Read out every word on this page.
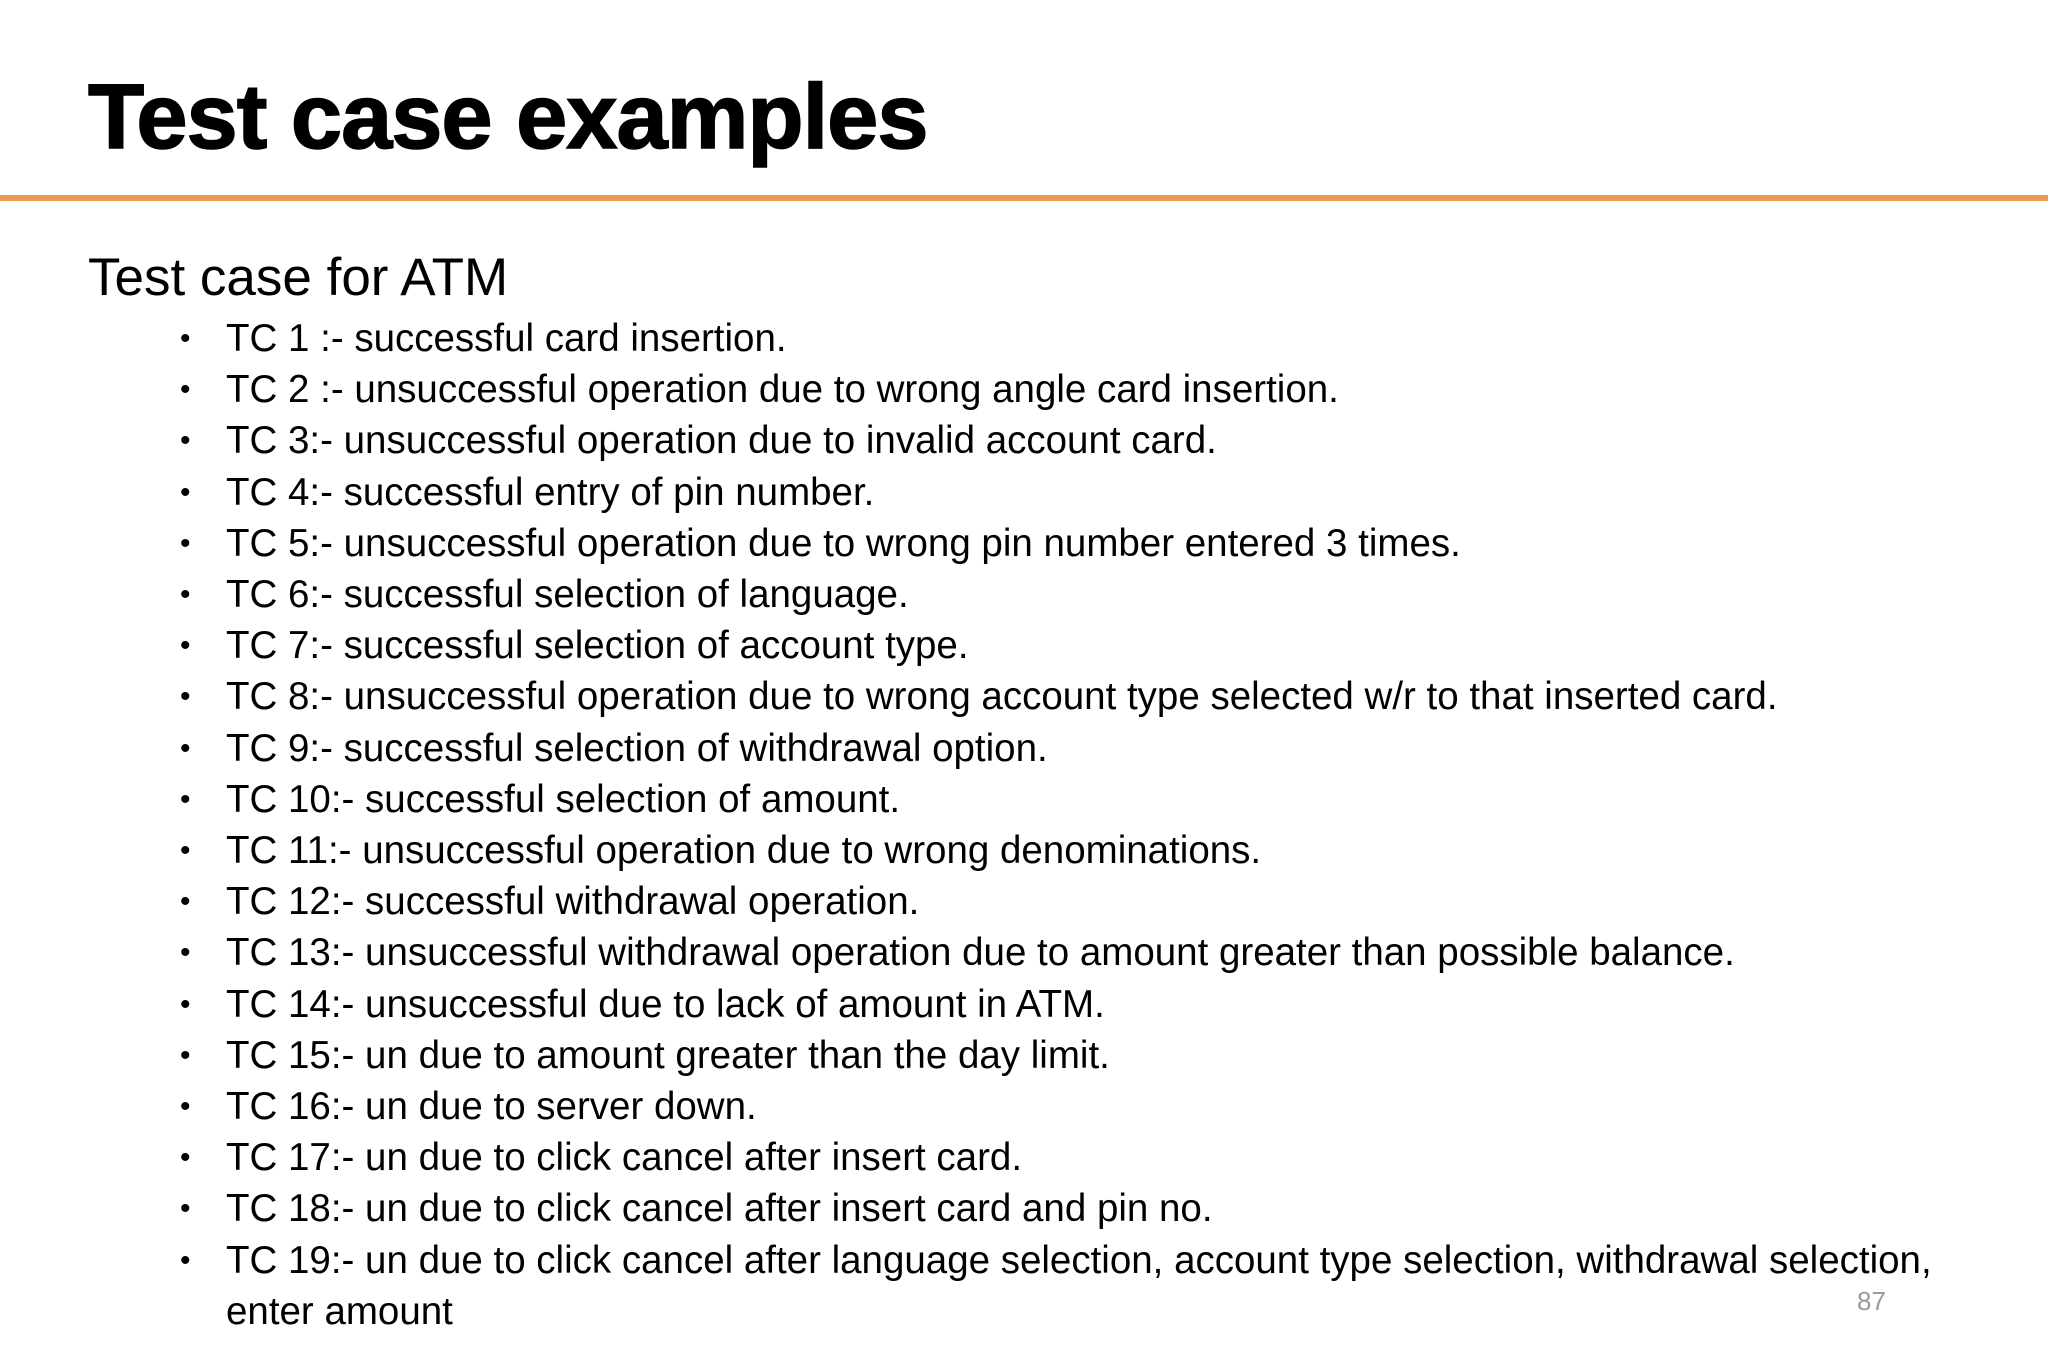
Test case examples
Test case for ATM
• TC 1 :- successful card insertion.
• TC 2 :- unsuccessful operation due to wrong angle card insertion.
• TC 3:- unsuccessful operation due to invalid account card.
• TC 4:- successful entry of pin number.
• TC 5:- unsuccessful operation due to wrong pin number entered 3 times.
• TC 6:- successful selection of language.
• TC 7:- successful selection of account type.
• TC 8:- unsuccessful operation due to wrong account type selected w/r to that inserted card.
• TC 9:- successful selection of withdrawal option.
• TC 10:- successful selection of amount.
• TC 11:- unsuccessful operation due to wrong denominations.
• TC 12:- successful withdrawal operation.
• TC 13:- unsuccessful withdrawal operation due to amount greater than possible balance.
• TC 14:- unsuccessful due to lack of amount in ATM.
• TC 15:- un due to amount greater than the day limit.
• TC 16:- un due to server down.
• TC 17:- un due to click cancel after insert card.
• TC 18:- un due to click cancel after insert card and pin no.
• TC 19:- un due to click cancel after language selection, account type selection, withdrawal selection, enter amount	87
